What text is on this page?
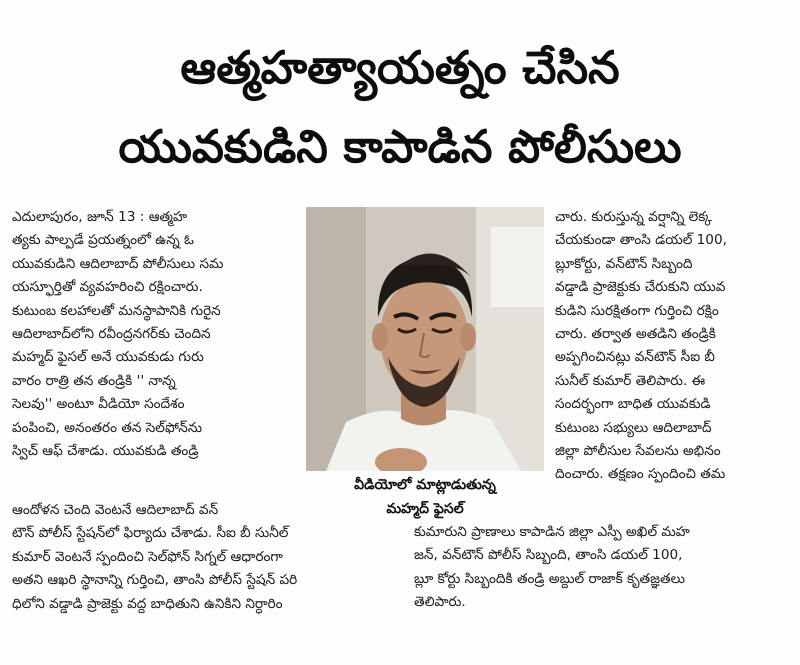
ఆత్మహత్యాయత్నం చేసిన
యువకుడిని కాపాడిన పోలీసులు
ఎదులాపురం, జూన్ 13 : ఆత్మహ
త్యకు పాల్పడే ప్రయత్నంలో ఉన్న ఓ
యువకుడిని ఆదిలాబాద్ పోలీసులు సమ
యస్ఫూర్తితో వ్యవహరించి రక్షించారు.
కుటుంబ కలహాలతో మనస్థాపానికి గురైన
ఆదిలాబాద్‌లోని రవీంద్రనగర్‌కు చెందిన
మహ్మద్ ఫైసల్ అనే యువకుడు గురు
వారం రాత్రి తన తండ్రికి '' నాన్న
సెలవు'' అంటూ వీడియో సందేశం
పంపించి, అనంతరం తన సెల్‌ఫోన్‌ను
స్విచ్ ఆఫ్ చేశాడు. యువకుడి తండ్రి
ఆందోళన చెంది వెంటనే ఆదిలాబాద్ వన్
టౌన్ పోలీస్ స్టేషన్‌లో ఫిర్యాదు చేశాడు. సీఐ బీ సునీల్
కుమార్ వెంటనే స్పందించి సెల్‌ఫోన్ సిగ్నల్ ఆధారంగా
అతని ఆఖరి స్థానాన్ని గుర్తించి, తాంసి పోలీస్ స్టేషన్ పరి
ధిలోని వడ్డాడి ప్రాజెక్టు వద్ద బాధితుని ఉనికిని నిర్ధారిం
వీడియోలో మాట్లాడుతున్న
మహ్మద్ ఫైసల్
చారు. కురుస్తున్న వర్షాన్ని లెక్క
చేయకుండా తాంసి డయల్ 100,
బ్లూకోర్టు, వన్‌టౌన్ సిబ్బంది
వడ్డాడి ప్రాజెక్టుకు చేరుకుని యువ
కుడిని సురక్షితంగా గుర్తించి రక్షిం
చారు. తర్వాత అతడిని తండ్రికి
అప్పగించినట్లు వన్‌టౌన్ సీఐ బీ
సునీల్ కుమార్ తెలిపారు. ఈ
సందర్భంగా బాధిత యువకుడి
కుటుంబ సభ్యులు ఆదిలాబాద్
జిల్లా పోలీసుల సేవలను అభినం
దించారు. తక్షణం స్పందించి తమ
కుమారుని ప్రాణాలు కాపాడిన జిల్లా ఎస్పీ అఖిల్ మహ
జన్, వన్‌టౌన్ పోలీస్ సిబ్బంది, తాంసి డయల్ 100,
బ్లూ కోర్టు సిబ్బందికి తండ్రి అబ్దుల్ రాజాక్ కృతజ్ఞతలు
తెలిపారు.
